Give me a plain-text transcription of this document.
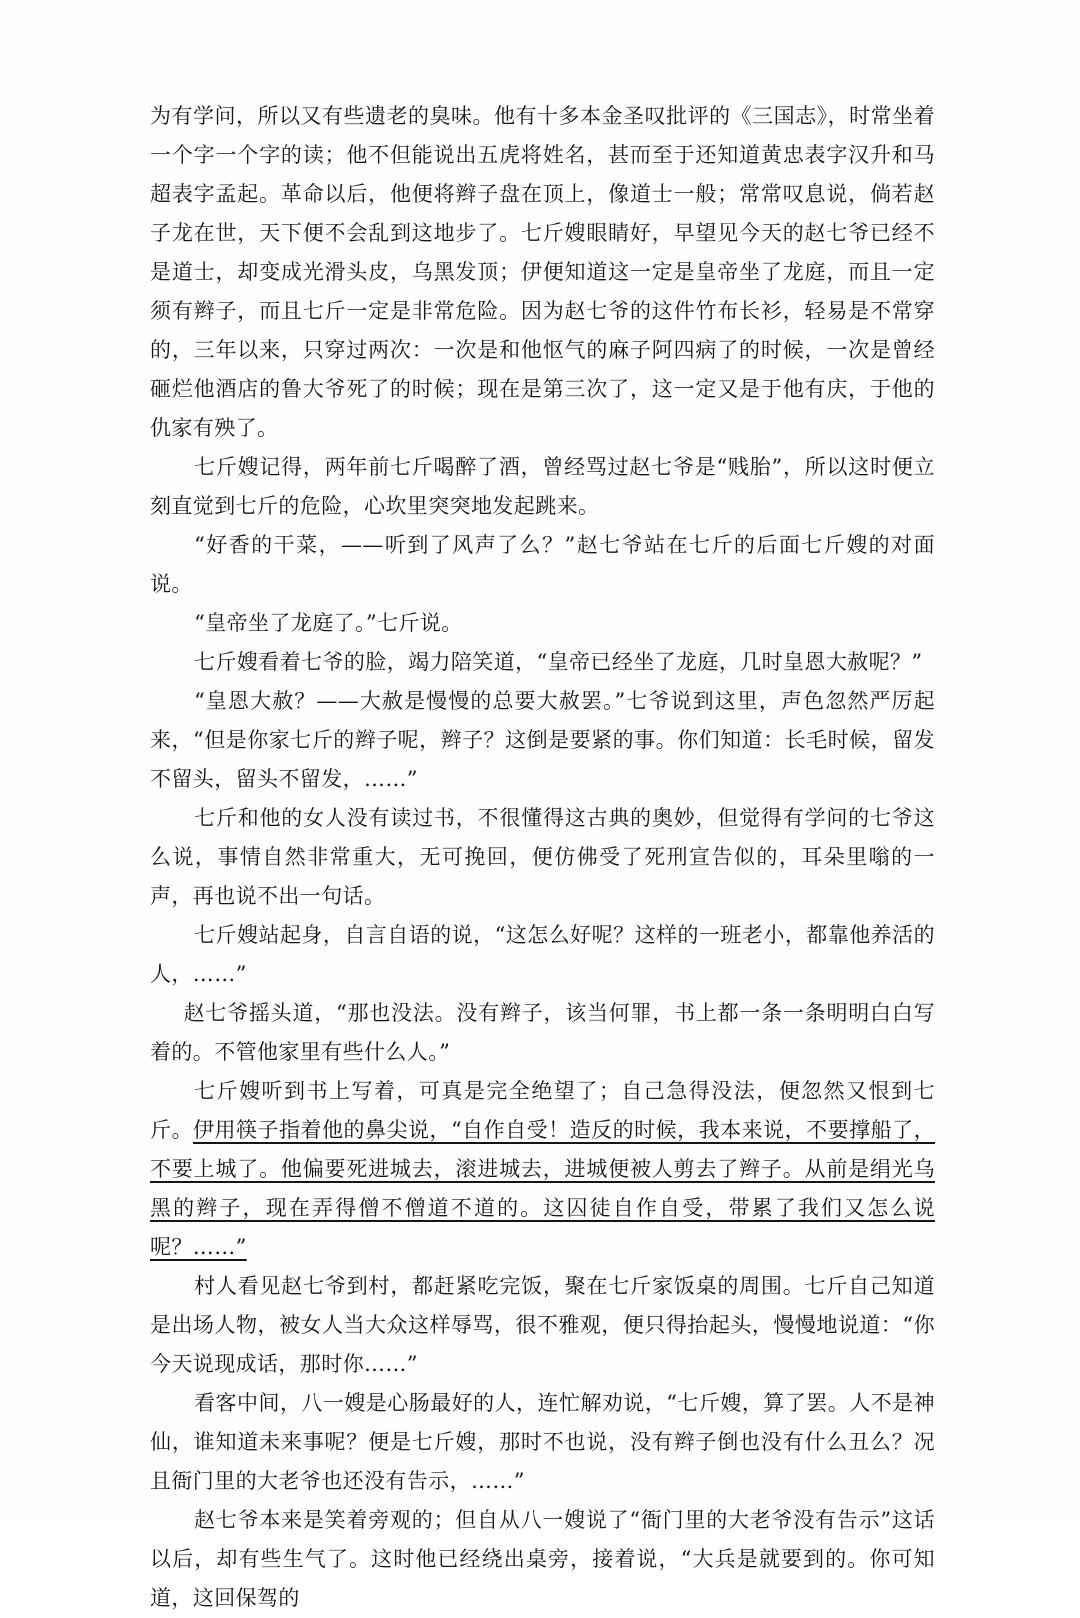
为有学问，所以又有些遗老的臭味。他有十多本金圣叹批评的《三国志》，时常坐着一个字一个字的读；他不但能说出五虎将姓名，甚而至于还知道黄忠表字汉升和马超表字孟起。革命以后，他便将辫子盘在顶上，像道士一般；常常叹息说，倘若赵子龙在世，天下便不会乱到这地步了。七斤嫂眼睛好，早望见今天的赵七爷已经不是道士，却变成光滑头皮，乌黑发顶；伊便知道这一定是皇帝坐了龙庭，而且一定须有辫子，而且七斤一定是非常危险。因为赵七爷的这件竹布长衫，轻易是不常穿的，三年以来，只穿过两次：一次是和他怄气的麻子阿四病了的时候，一次是曾经砸烂他酒店的鲁大爷死了的时候；现在是第三次了，这一定又是于他有庆，于他的仇家有殃了。

七斤嫂记得，两年前七斤喝醉了酒，曾经骂过赵七爷是“贱胎”，所以这时便立刻直觉到七斤的危险，心坎里突突地发起跳来。

“好香的干菜，——听到了风声了么？”赵七爷站在七斤的后面七斤嫂的对面说。

“皇帝坐了龙庭了。”七斤说。

七斤嫂看着七爷的脸，竭力陪笑道，“皇帝已经坐了龙庭，几时皇恩大赦呢？”

“皇恩大赦？——大赦是慢慢的总要大赦罢。”七爷说到这里，声色忽然严厉起来，“但是你家七斤的辫子呢，辫子？这倒是要紧的事。你们知道：长毛时候，留发不留头，留头不留发，……”

七斤和他的女人没有读过书，不很懂得这古典的奥妙，但觉得有学问的七爷这么说，事情自然非常重大，无可挽回，便仿佛受了死刑宣告似的，耳朵里嗡的一声，再也说不出一句话。

七斤嫂站起身，自言自语的说，“这怎么好呢？这样的一班老小，都靠他养活的人，……”

赵七爷摇头道，“那也没法。没有辫子，该当何罪，书上都一条一条明明白白写着的。不管他家里有些什么人。”

七斤嫂听到书上写着，可真是完全绝望了；自己急得没法，便忽然又恨到七斤。伊用筷子指着他的鼻尖说，“自作自受！造反的时候，我本来说，不要撑船了，不要上城了。他偏要死进城去，滚进城去，进城便被人剪去了辫子。从前是绢光乌黑的辫子，现在弄得僧不僧道不道的。这囚徒自作自受，带累了我们又怎么说呢？……”

村人看见赵七爷到村，都赶紧吃完饭，聚在七斤家饭桌的周围。七斤自己知道是出场人物，被女人当大众这样辱骂，很不雅观，便只得抬起头，慢慢地说道：“你今天说现成话，那时你……”

看客中间，八一嫂是心肠最好的人，连忙解劝说，“七斤嫂，算了罢。人不是神仙，谁知道未来事呢？便是七斤嫂，那时不也说，没有辫子倒也没有什么丑么？况且衙门里的大老爷也还没有告示，……”

赵七爷本来是笑着旁观的；但自从八一嫂说了“衙门里的大老爷没有告示”这话以后，却有些生气了。这时他已经绕出桌旁，接着说，“大兵是就要到的。你可知道，这回保驾的
